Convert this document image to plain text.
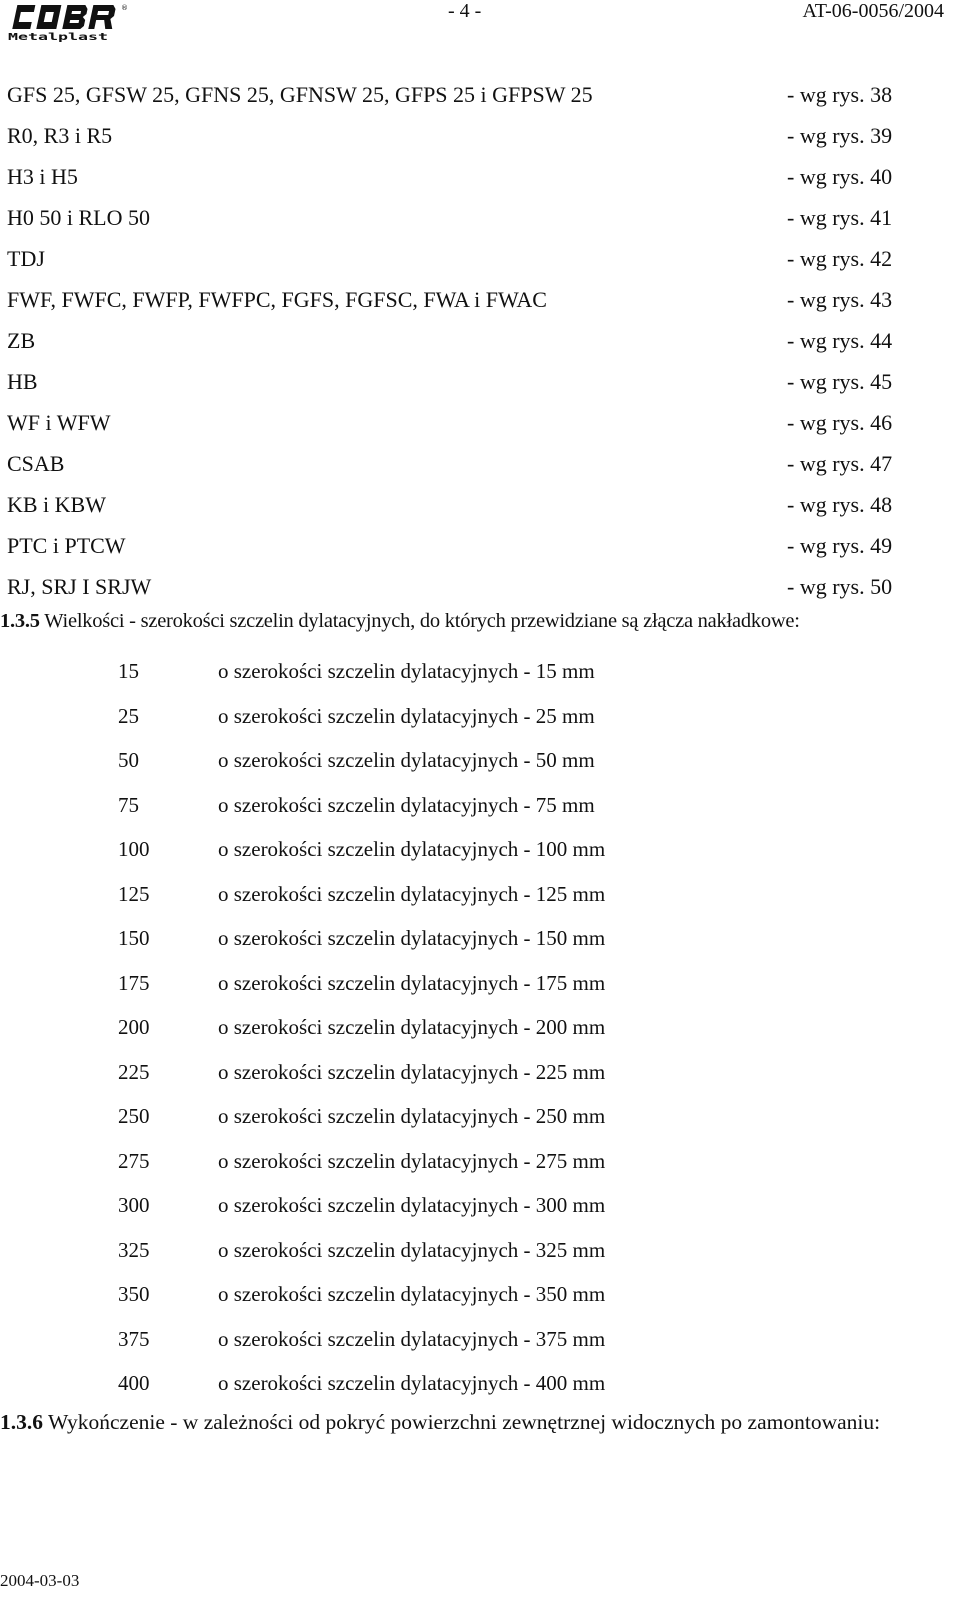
®
Metalplast
- 4 -	AT-06-0056/2004
GFS 25, GFSW 25, GFNS 25, GFNSW 25, GFPS 25 i GFPSW 25	- wg rys. 38
R0, R3 i R5	- wg rys. 39
H3 i H5	- wg rys. 40
H0 50 i RLO 50	- wg rys. 41
TDJ	- wg rys. 42
FWF, FWFC, FWFP, FWFPC, FGFS, FGFSC, FWA i FWAC	- wg rys. 43
ZB	- wg rys. 44
HB	- wg rys. 45
WF i WFW	- wg rys. 46
CSAB	- wg rys. 47
KB i KBW	- wg rys. 48
PTC i PTCW	- wg rys. 49
RJ, SRJ I SRJW	- wg rys. 50
1.3.5 Wielkości - szerokości szczelin dylatacyjnych, do których przewidziane są złącza nakładkowe:
15	o szerokości szczelin dylatacyjnych - 15 mm
25	o szerokości szczelin dylatacyjnych - 25 mm
50	o szerokości szczelin dylatacyjnych - 50 mm
75	o szerokości szczelin dylatacyjnych - 75 mm
100	o szerokości szczelin dylatacyjnych - 100 mm
125	o szerokości szczelin dylatacyjnych - 125 mm
150	o szerokości szczelin dylatacyjnych - 150 mm
175	o szerokości szczelin dylatacyjnych - 175 mm
200	o szerokości szczelin dylatacyjnych - 200 mm
225	o szerokości szczelin dylatacyjnych - 225 mm
250	o szerokości szczelin dylatacyjnych - 250 mm
275	o szerokości szczelin dylatacyjnych - 275 mm
300	o szerokości szczelin dylatacyjnych - 300 mm
325	o szerokości szczelin dylatacyjnych - 325 mm
350	o szerokości szczelin dylatacyjnych - 350 mm
375	o szerokości szczelin dylatacyjnych - 375 mm
400	o szerokości szczelin dylatacyjnych - 400 mm
1.3.6 Wykończenie - w zależności od pokryć powierzchni zewnętrznej widocznych po zamontowaniu:
2004-03-03
